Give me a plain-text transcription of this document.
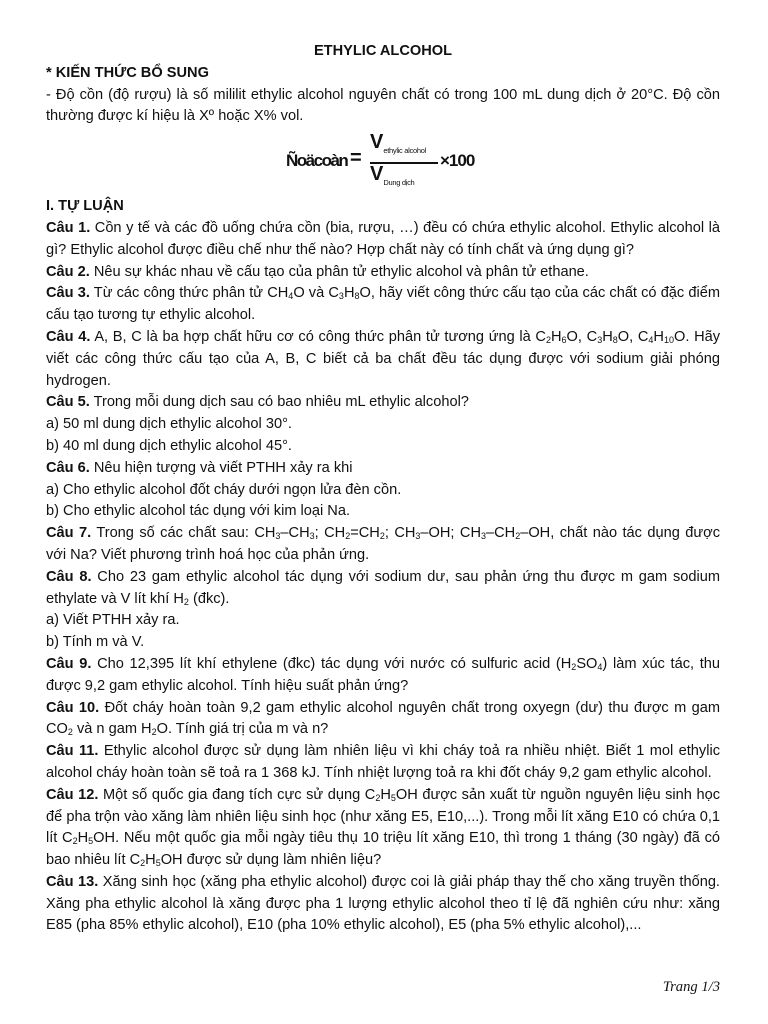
ETHYLIC ALCOHOL

* KIẾN THỨC BỔ SUNG

- Độ cồn (độ rượu) là số mililit ethylic alcohol nguyên chất có trong 100 mL dung dịch ở 20°C. Độ cồn thường được kí hiệu là Xº hoặc X% vol.

Ñoäcoàn =
$V_{ethylic alcohol}$
$V_{Dung dịch}$
×100

I. TỰ LUẬN

Câu 1. Cồn y tế và các đồ uống chứa cồn (bia, rượu, …) đều có chứa ethylic alcohol. Ethylic alcohol là gì? Ethylic alcohol được điều chế như thế nào? Hợp chất này có tính chất và ứng dụng gì?

Câu 2. Nêu sự khác nhau về cấu tạo của phân tử ethylic alcohol và phân tử ethane.

Câu 3. Từ các công thức phân tử $CH_4O$ và $C_3H_8O$, hãy viết công thức cấu tạo của các chất có đặc điểm cấu tạo tương tự ethylic alcohol.

Câu 4. A, B, C là ba hợp chất hữu cơ có công thức phân tử tương ứng là $C_2H_6O$, $C_3H_8O$, $C_4H_{10}O$. Hãy viết các công thức cấu tạo của A, B, C biết cả ba chất đều tác dụng được với sodium giải phóng hydrogen.

Câu 5. Trong mỗi dung dịch sau có bao nhiêu mL ethylic alcohol?

a) 50 ml dung dịch ethylic alcohol 30°.

b) 40 ml dung dịch ethylic alcohol 45°.

Câu 6. Nêu hiện tượng và viết PTHH xảy ra khi

a) Cho ethylic alcohol đốt cháy dưới ngọn lửa đèn cồn.

b) Cho ethylic alcohol tác dụng với kim loại Na.

Câu 7. Trong số các chất sau: $CH_3-CH_3$; $CH_2=CH_2$; $CH_3-OH$; $CH_3-CH_2-OH$, chất nào tác dụng được với Na? Viết phương trình hoá học của phản ứng.

Câu 8. Cho 23 gam ethylic alcohol tác dụng với sodium dư, sau phản ứng thu được m gam sodium ethylate và V lít khí $H_2$ (đkc).

a) Viết PTHH xảy ra.

b) Tính m và V.

Câu 9. Cho 12,395 lít khí ethylene (đkc) tác dụng với nước có sulfuric acid $(H_2SO_4)$ làm xúc tác, thu được 9,2 gam ethylic alcohol. Tính hiệu suất phản ứng?

Câu 10. Đốt cháy hoàn toàn 9,2 gam ethylic alcohol nguyên chất trong oxyegn (dư) thu được m gam $CO_2$ và n gam $H_2O$. Tính giá trị của m và n?

Câu 11. Ethylic alcohol được sử dụng làm nhiên liệu vì khi cháy toả ra nhiều nhiệt. Biết 1 mol ethylic alcohol cháy hoàn toàn sẽ toả ra 1 368 kJ. Tính nhiệt lượng toả ra khi đốt cháy 9,2 gam ethylic alcohol.

Câu 12. Một số quốc gia đang tích cực sử dụng $C_2H_5OH$ được sản xuất từ nguồn nguyên liệu sinh học để pha trộn vào xăng làm nhiên liệu sinh học (như xăng E5, E10,...). Trong mỗi lít xăng E10 có chứa 0,1 lít $C_2H_5OH$. Nếu một quốc gia mỗi ngày tiêu thụ 10 triệu lít xăng E10, thì trong 1 tháng (30 ngày) đã có bao nhiêu lít $C_2H_5OH$ được sử dụng làm nhiên liệu?

Câu 13. Xăng sinh học (xăng pha ethylic alcohol) được coi là giải pháp thay thế cho xăng truyền thống. Xăng pha ethylic alcohol là xăng được pha 1 lượng ethylic alcohol theo tỉ lệ đã nghiên cứu như: xăng E85 (pha 85% ethylic alcohol), E10 (pha 10% ethylic alcohol), E5 (pha 5% ethylic alcohol),...

Trang 1/3
